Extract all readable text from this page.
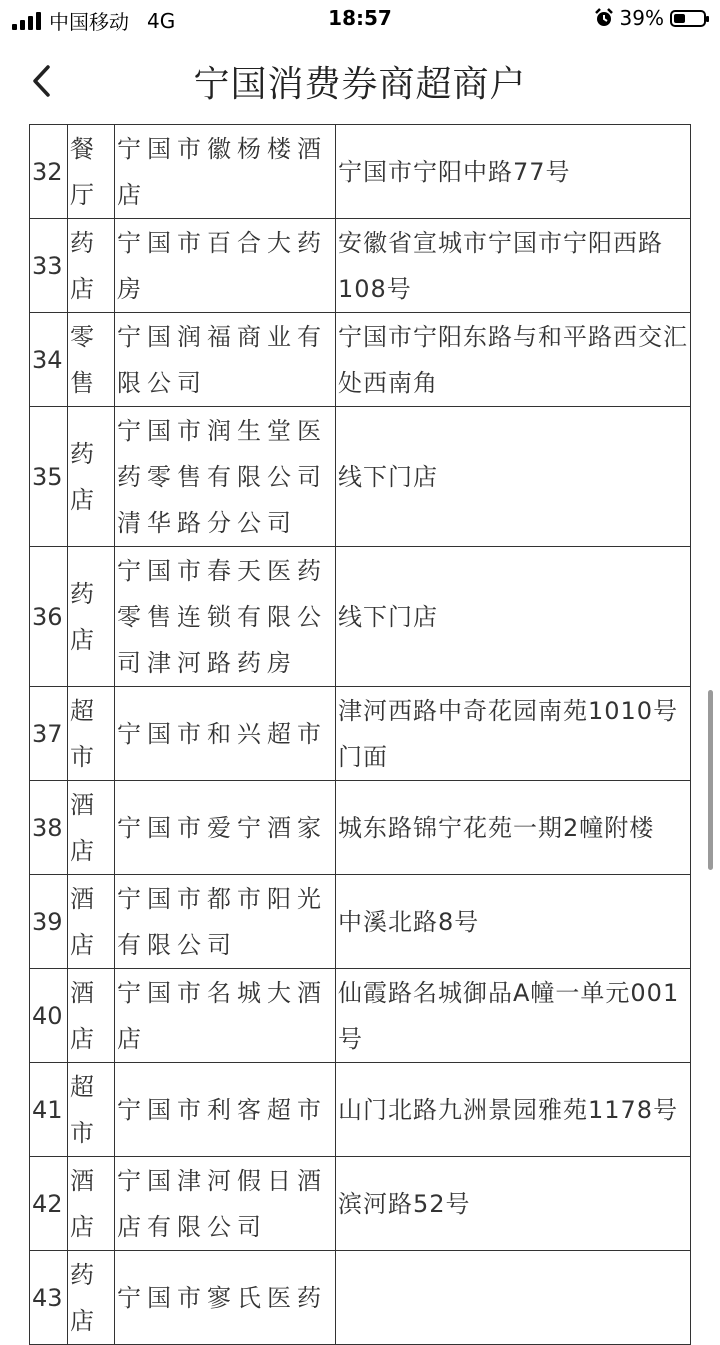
中国移动 4G	18:57	39%
宁国消费券商超商户
32	餐厅	宁国市徽杨楼酒店	宁国市宁阳中路77号
33	药店	宁国市百合大药房	安徽省宣城市宁国市宁阳西路108号
34	零售	宁国润福商业有限公司	宁国市宁阳东路与和平路西交汇处西南角
35	药店	宁国市润生堂医药零售有限公司清华路分公司	线下门店
36	药店	宁国市春天医药零售连锁有限公司津河路药房	线下门店
37	超市	宁国市和兴超市	津河西路中奇花园南苑1010号门面
38	酒店	宁国市爱宁酒家	城东路锦宁花苑一期2幢附楼
39	酒店	宁国市都市阳光有限公司	中溪北路8号
40	酒店	宁国市名城大酒店	仙霞路名城御品A幢一单元001号
41	超市	宁国市利客超市	山门北路九洲景园雅苑1178号
42	酒店	宁国津河假日酒店有限公司	滨河路52号
43	药店	宁国市寥氏医药	
